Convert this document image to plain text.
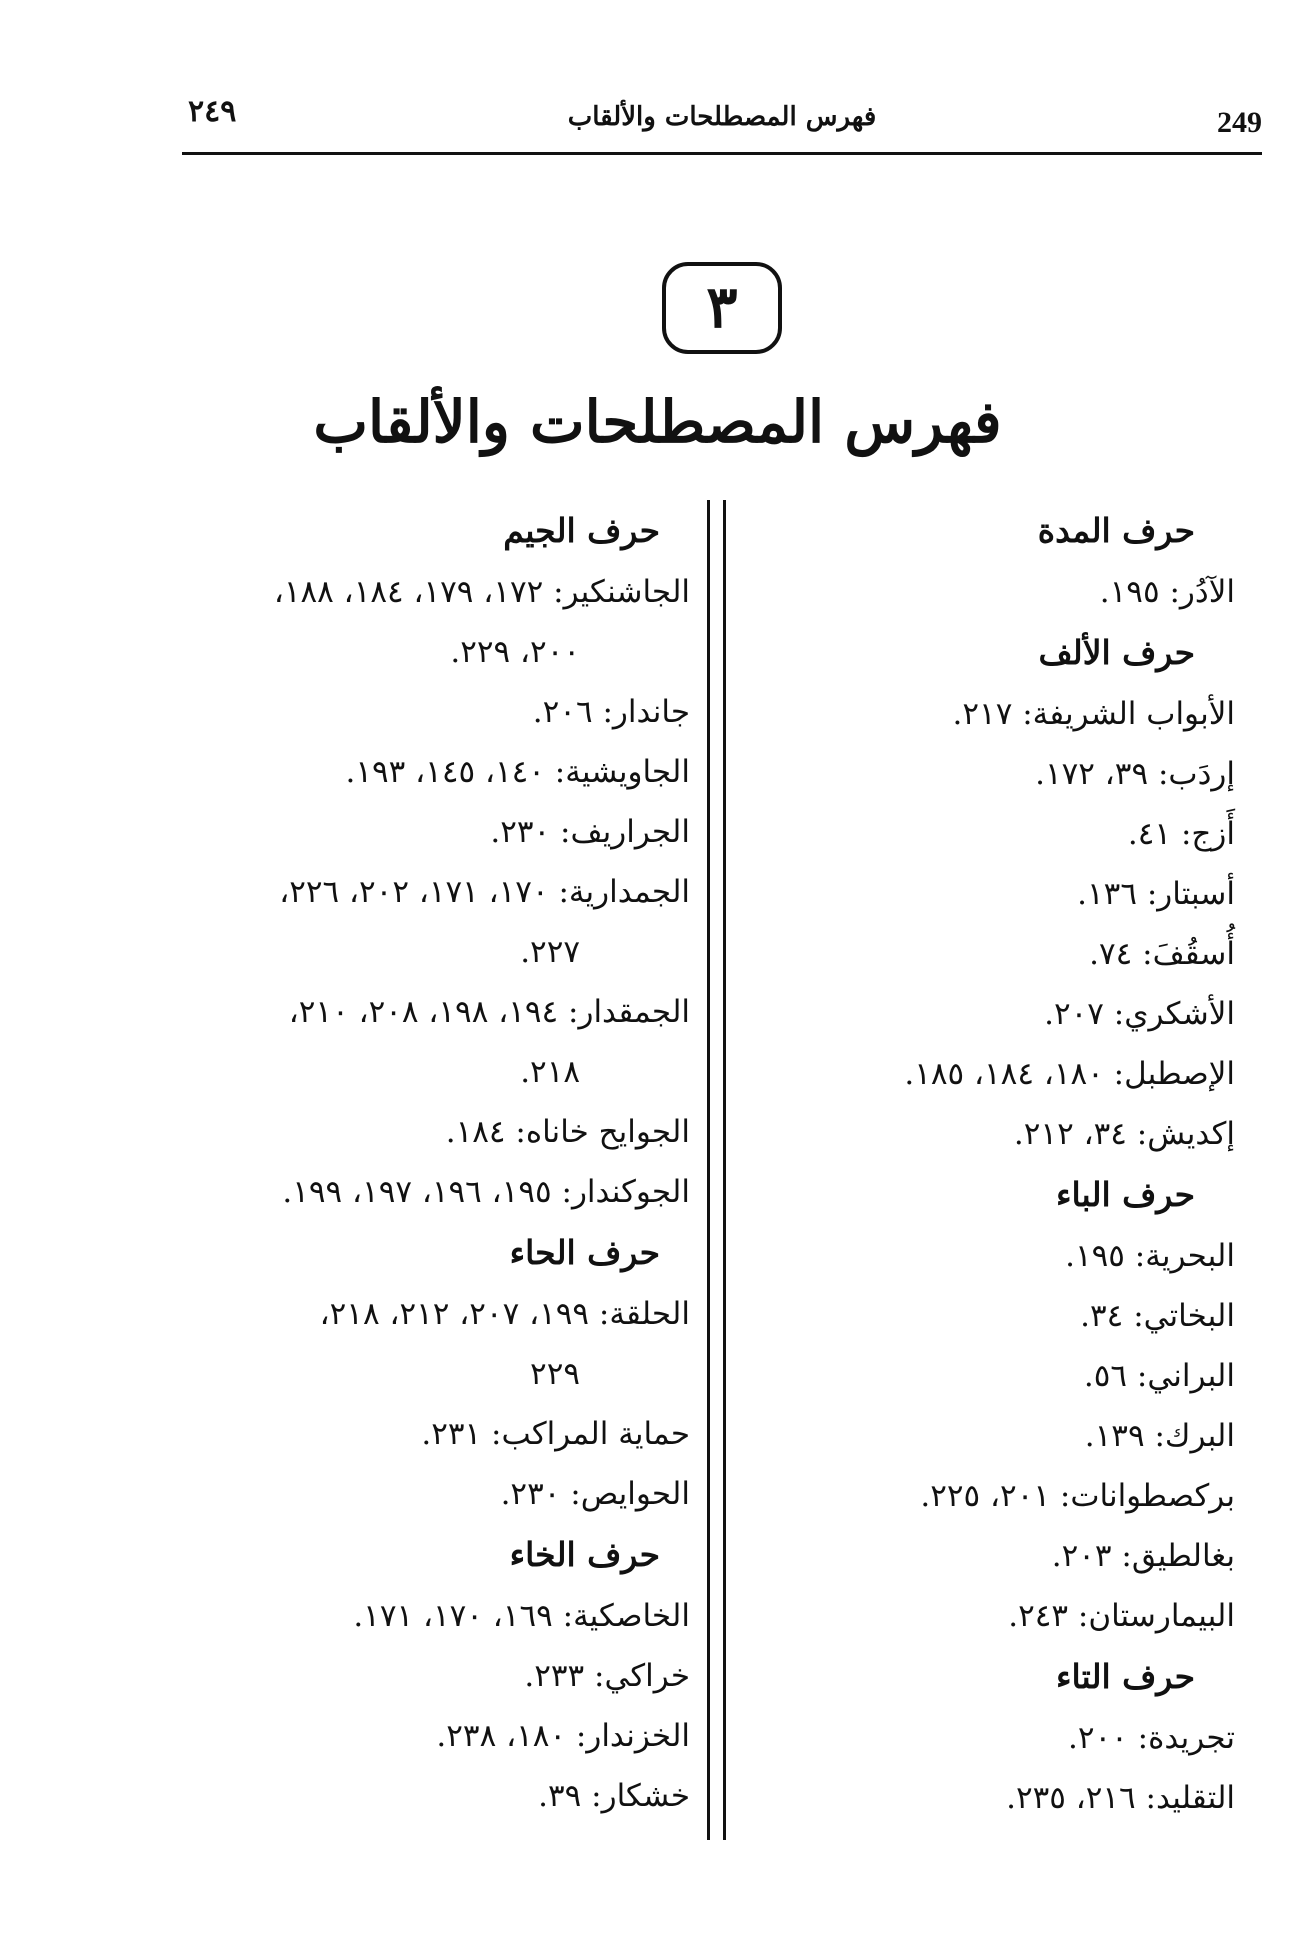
249
فهرس المصطلحات والألقاب
٢٤٩
٣
فهرس المصطلحات والألقاب
حرف المدة
الآدُر: ١٩٥.
حرف الألف
الأبواب الشريفة: ٢١٧.
إردَب: ٣٩، ١٧٢.
أَزج: ٤١.
أسبتار: ١٣٦.
أُسقُفَ: ٧٤.
الأشكري: ٢٠٧.
الإصطبل: ١٨٠، ١٨٤، ١٨٥.
إكديش: ٣٤، ٢١٢.
حرف الباء
البحرية: ١٩٥.
البخاتي: ٣٤.
البراني: ٥٦.
البرك: ١٣٩.
بركصطوانات: ٢٠١، ٢٢٥.
بغالطيق: ٢٠٣.
البيمارستان: ٢٤٣.
حرف التاء
تجريدة: ٢٠٠.
التقليد: ٢١٦، ٢٣٥.
حرف الجيم
الجاشنكير: ١٧٢، ١٧٩، ١٨٤، ١٨٨،
٢٠٠، ٢٢٩.
جاندار: ٢٠٦.
الجاويشية: ١٤٠، ١٤٥، ١٩٣.
الجراريف: ٢٣٠.
الجمدارية: ١٧٠، ١٧١، ٢٠٢، ٢٢٦،
٢٢٧.
الجمقدار: ١٩٤، ١٩٨، ٢٠٨، ٢١٠،
٢١٨.
الجوايح خاناه: ١٨٤.
الجوكندار: ١٩٥، ١٩٦، ١٩٧، ١٩٩.
حرف الحاء
الحلقة: ١٩٩، ٢٠٧، ٢١٢، ٢١٨،
٢٢٩
حماية المراكب: ٢٣١.
الحوايص: ٢٣٠.
حرف الخاء
الخاصكية: ١٦٩، ١٧٠، ١٧١.
خراكي: ٢٣٣.
الخزندار: ١٨٠، ٢٣٨.
خشكار: ٣٩.
